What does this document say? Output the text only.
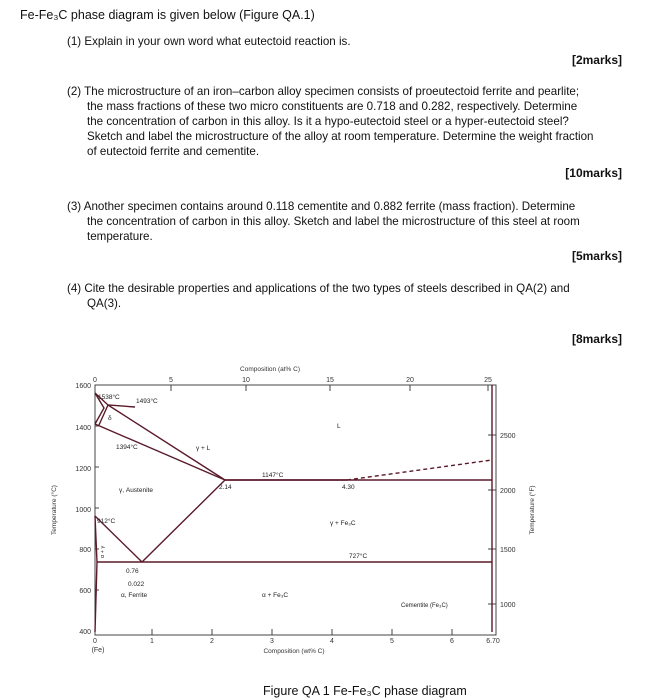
Fe-Fe₃C phase diagram is given below (Figure QA.1)
(1) Explain in your own word what eutectoid reaction is.
[2marks]
(2) The microstructure of an iron–carbon alloy specimen consists of proeutectoid ferrite and pearlite;
the mass fractions of these two micro constituents are 0.718 and 0.282, respectively. Determine
the concentration of carbon in this alloy. Is it a hypo-eutectoid steel or a hyper-eutectoid steel?
Sketch and label the microstructure of the alloy at room temperature. Determine the weight fraction
of eutectoid ferrite and cementite.
[10marks]
(3) Another specimen contains around 0.118 cementite and 0.882 ferrite (mass fraction). Determine
the concentration of carbon in this alloy. Sketch and label the microstructure of this steel at room
temperature.
[5marks]
(4) Cite the desirable properties and applications of the two types of steels described in QA(2) and
QA(3).
[8marks]
Composition (at% C)
0	5	10	15	20	25
1600
1400
1200
1000
800
600
400
Temperature (°C)
2500
2000
1500
1000
Temperature (°F)
0	1	2	3	4	5	6	6.70
(Fe)	Composition (wt% C)
1538°C
1493°C
δ
1394°C	γ + L
L
1147°C
2.14	4.30
γ, Austenite
912°C	γ + Fe₃C
727°C
α + γ
0.76
0.022
α, Ferrite	α + Fe₃C
Cementite (Fe₃C)
Figure QA 1 Fe-Fe₃C phase diagram
